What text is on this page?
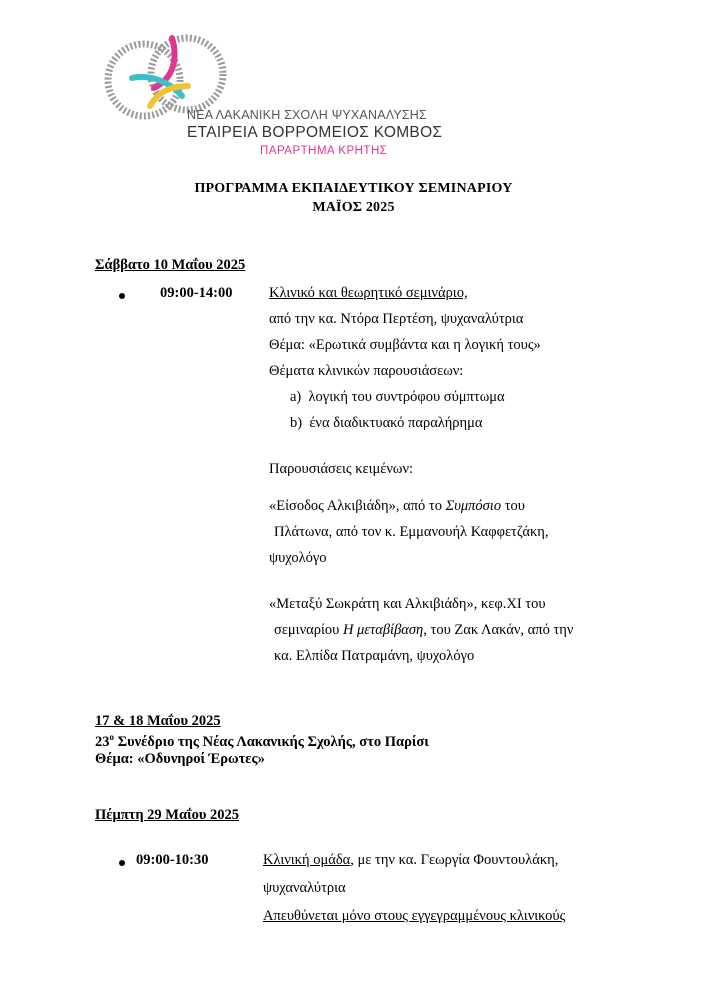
ΝΕΑ ΛΑΚΑΝΙΚΗ ΣΧΟΛΗ ΨΥΧΑΝΑΛΥΣΗΣ
ΕΤΑΙΡΕΙΑ ΒΟΡΡΟΜΕΙΟΣ ΚΟΜΒΟΣ
ΠΑΡΑΡΤΗΜΑ ΚΡΗΤΗΣ
ΠΡΟΓΡΑΜΜΑ ΕΚΠΑΙΔΕΥΤΙΚΟΥ ΣΕΜΙΝΑΡΙΟΥ
ΜΑΪΟΣ 2025
Σάββατο 10 Μαΐου 2025
09:00-14:00	Κλινικό και θεωρητικό σεμινάριο,
από την κα. Ντόρα Περτέση, ψυχαναλύτρια
Θέμα: «Ερωτικά συμβάντα και η λογική τους»
Θέματα κλινικών παρουσιάσεων:
a) λογική του συντρόφου σύμπτωμα
b) ένα διαδικτυακό παραλήρημα
Παρουσιάσεις κειμένων:
«Είσοδος Αλκιβιάδη», από το Συμπόσιο του
Πλάτωνα, από τον κ. Εμμανουήλ Καφφετζάκη,
ψυχολόγο
«Μεταξύ Σωκράτη και Αλκιβιάδη», κεφ.XI του
σεμιναρίου Η μεταβίβαση, του Ζακ Λακάν, από την
κα. Ελπίδα Πατραμάνη, ψυχολόγο
17 & 18 Μαΐου 2025
$23^o$ Συνέδριο της Νέας Λακανικής Σχολής, στο Παρίσι
Θέμα: «Οδυνηροί Έρωτες»
Πέμπτη 29 Μαΐου 2025
09:00-10:30	Κλινική ομάδα, με την κα. Γεωργία Φουντουλάκη,
ψυχαναλύτρια
Απευθύνεται μόνο στους εγγεγραμμένους κλινικούς
